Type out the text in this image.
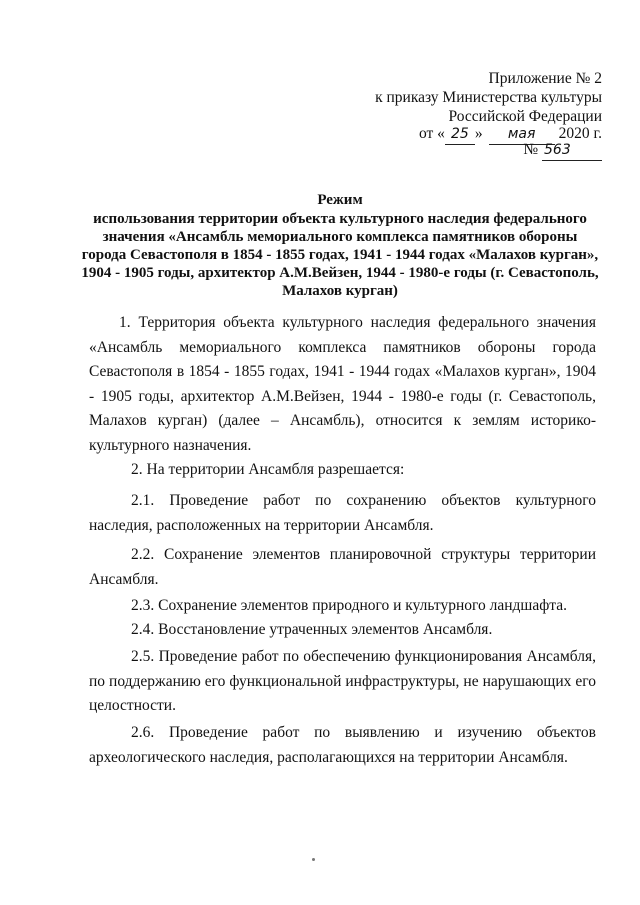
Приложение № 2
к приказу Министерства культуры
Российской Федерации
от « 25 » мая 2020 г.
№ 563
Режим
использования территории объекта культурного наследия федерального значения «Ансамбль мемориального комплекса памятников обороны города Севастополя в 1854 - 1855 годах, 1941 - 1944 годах «Малахов курган», 1904 - 1905 годы, архитектор А.М.Вейзен, 1944 - 1980-е годы (г. Севастополь, Малахов курган)
1. Территория объекта культурного наследия федерального значения «Ансамбль мемориального комплекса памятников обороны города Севастополя в 1854 - 1855 годах, 1941 - 1944 годах «Малахов курган», 1904 - 1905 годы, архитектор А.М.Вейзен, 1944 - 1980-е годы (г. Севастополь, Малахов курган) (далее – Ансамбль), относится к землям историко-культурного назначения.
2. На территории Ансамбля разрешается:
2.1. Проведение работ по сохранению объектов культурного наследия, расположенных на территории Ансамбля.
2.2. Сохранение элементов планировочной структуры территории Ансамбля.
2.3. Сохранение элементов природного и культурного ландшафта.
2.4. Восстановление утраченных элементов Ансамбля.
2.5. Проведение работ по обеспечению функционирования Ансамбля, по поддержанию его функциональной инфраструктуры, не нарушающих его целостности.
2.6. Проведение работ по выявлению и изучению объектов археологического наследия, располагающихся на территории Ансамбля.
